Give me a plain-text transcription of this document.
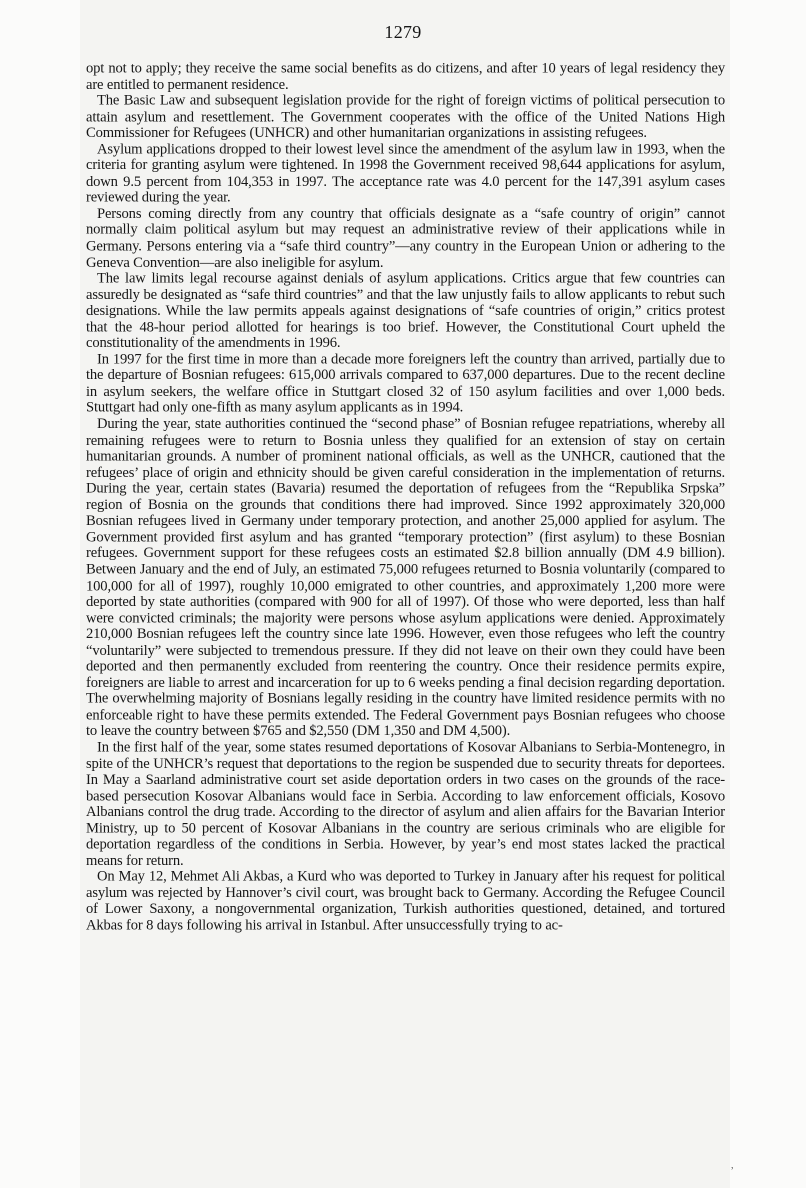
1279

opt not to apply; they receive the same social benefits as do citizens, and after 10 years of legal residency they are entitled to permanent residence.

The Basic Law and subsequent legislation provide for the right of foreign victims of political persecution to attain asylum and resettlement. The Government cooperates with the office of the United Nations High Commissioner for Refugees (UNHCR) and other humanitarian organizations in assisting refugees.

Asylum applications dropped to their lowest level since the amendment of the asylum law in 1993, when the criteria for granting asylum were tightened. In 1998 the Government received 98,644 applications for asylum, down 9.5 percent from 104,353 in 1997. The acceptance rate was 4.0 percent for the 147,391 asylum cases reviewed during the year.

Persons coming directly from any country that officials designate as a “safe country of origin” cannot normally claim political asylum but may request an administrative review of their applications while in Germany. Persons entering via a “safe third country”—any country in the European Union or adhering to the Geneva Convention—are also ineligible for asylum.

The law limits legal recourse against denials of asylum applications. Critics argue that few countries can assuredly be designated as “safe third countries” and that the law unjustly fails to allow applicants to rebut such designations. While the law permits appeals against designations of “safe countries of origin,” critics protest that the 48-hour period allotted for hearings is too brief. However, the Constitutional Court upheld the constitutionality of the amendments in 1996.

In 1997 for the first time in more than a decade more foreigners left the country than arrived, partially due to the departure of Bosnian refugees: 615,000 arrivals compared to 637,000 departures. Due to the recent decline in asylum seekers, the welfare office in Stuttgart closed 32 of 150 asylum facilities and over 1,000 beds. Stuttgart had only one-fifth as many asylum applicants as in 1994.

During the year, state authorities continued the “second phase” of Bosnian refugee repatriations, whereby all remaining refugees were to return to Bosnia unless they qualified for an extension of stay on certain humanitarian grounds. A number of prominent national officials, as well as the UNHCR, cautioned that the refugees’ place of origin and ethnicity should be given careful consideration in the implementation of returns. During the year, certain states (Bavaria) resumed the deportation of refugees from the “Republika Srpska” region of Bosnia on the grounds that conditions there had improved. Since 1992 approximately 320,000 Bosnian refugees lived in Germany under temporary protection, and another 25,000 applied for asylum. The Government provided first asylum and has granted “temporary protection” (first asylum) to these Bosnian refugees. Government support for these refugees costs an estimated $2.8 billion annually (DM 4.9 billion). Between January and the end of July, an estimated 75,000 refugees returned to Bosnia voluntarily (compared to 100,000 for all of 1997), roughly 10,000 emigrated to other countries, and approximately 1,200 more were deported by state authorities (compared with 900 for all of 1997). Of those who were deported, less than half were convicted criminals; the majority were persons whose asylum applications were denied. Approximately 210,000 Bosnian refugees left the country since late 1996. However, even those refugees who left the country “voluntarily” were subjected to tremendous pressure. If they did not leave on their own they could have been deported and then permanently excluded from reentering the country. Once their residence permits expire, foreigners are liable to arrest and incarceration for up to 6 weeks pending a final decision regarding deportation. The overwhelming majority of Bosnians legally residing in the country have limited residence permits with no enforceable right to have these permits extended. The Federal Government pays Bosnian refugees who choose to leave the country between $765 and $2,550 (DM 1,350 and DM 4,500).

In the first half of the year, some states resumed deportations of Kosovar Albanians to Serbia-Montenegro, in spite of the UNHCR’s request that deportations to the region be suspended due to security threats for deportees. In May a Saarland administrative court set aside deportation orders in two cases on the grounds of the race-based persecution Kosovar Albanians would face in Serbia. According to law enforcement officials, Kosovo Albanians control the drug trade. According to the director of asylum and alien affairs for the Bavarian Interior Ministry, up to 50 percent of Kosovar Albanians in the country are serious criminals who are eligible for deportation regardless of the conditions in Serbia. However, by year’s end most states lacked the practical means for return.

On May 12, Mehmet Ali Akbas, a Kurd who was deported to Turkey in January after his request for political asylum was rejected by Hannover’s civil court, was brought back to Germany. According the Refugee Council of Lower Saxony, a nongovernmental organization, Turkish authorities questioned, detained, and tortured Akbas for 8 days following his arrival in Istanbul. After unsuccessfully trying to ac-

,
